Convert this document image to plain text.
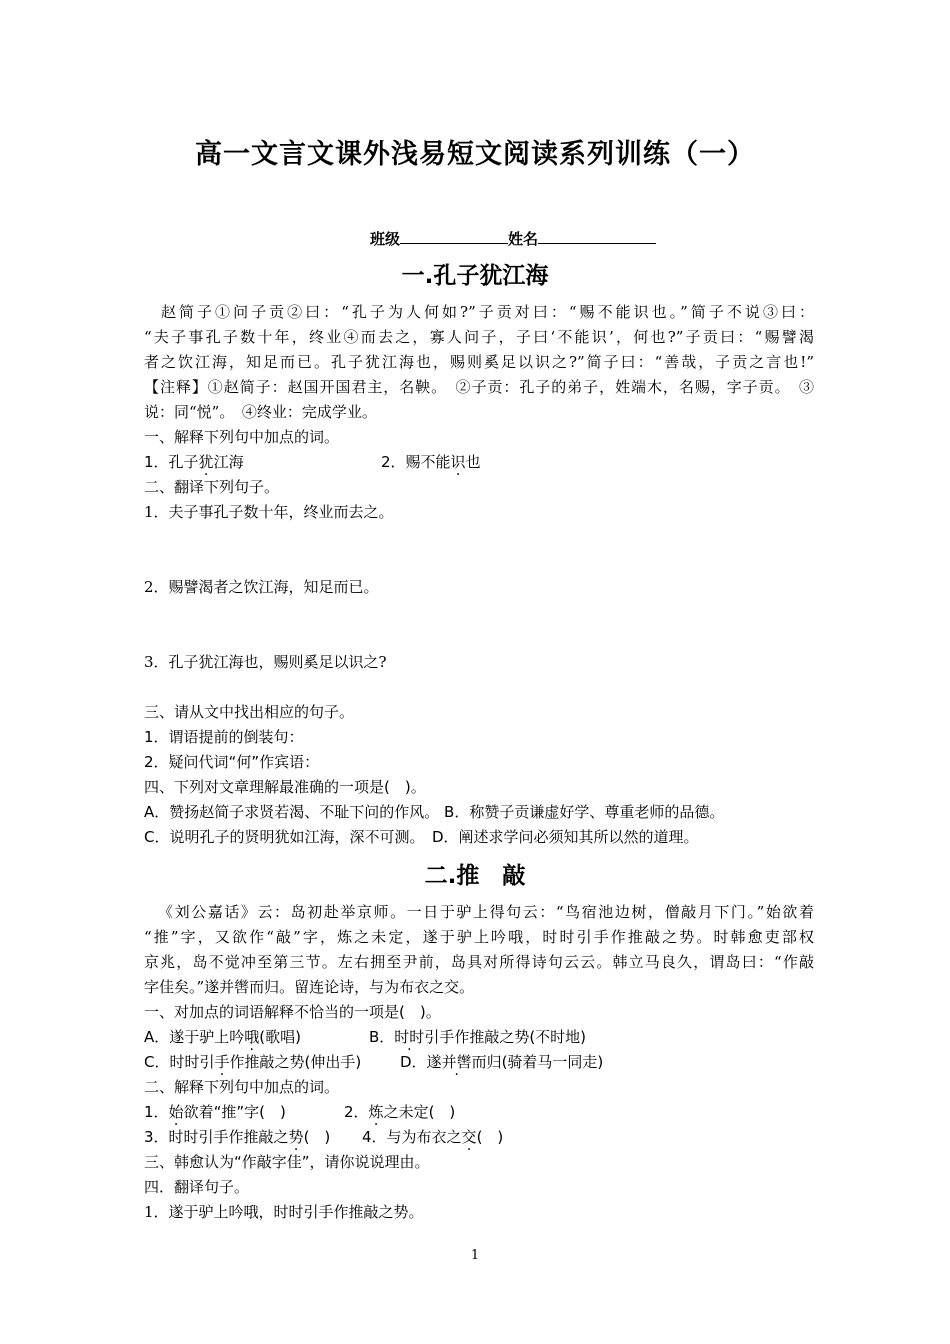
高一文言文课外浅易短文阅读系列训练（一）
班级	姓名
一.孔子犹江海
赵简子①问子贡②曰：“孔子为人何如?”子贡对曰：“赐不能识也。”简子不说③曰：
“夫子事孔子数十年，终业④而去之，寡人问子，子曰‘不能识’，何也?”子贡曰：“赐譬渴
者之饮江海，知足而已。孔子犹江海也，赐则奚足以识之?”简子曰：“善哉，子贡之言也!”
【注释】①赵简子：赵国开国君主，名鞅。　②子贡：孔子的弟子，姓端木，名赐，字子贡。　③
说：同“悦”。　④终业：完成学业。
一、解释下列句中加点的词。
1．孔子犹江海	2．赐不能识也
二、翻译下列句子。
1．夫子事孔子数十年，终业而去之。
2．赐譬渴者之饮江海，知足而已。
3．孔子犹江海也，赐则奚足以识之?
三、请从文中找出相应的句子。
1．谓语提前的倒装句：
2．疑问代词“何”作宾语：
四、下列对文章理解最准确的一项是(　)。
A．赞扬赵简子求贤若渴、不耻下问的作风。 B．称赞子贡谦虚好学、尊重老师的品德。
C．说明孔子的贤明犹如江海，深不可测。　D．阐述求学问必须知其所以然的道理。
二.推　敲
《刘公嘉话》云：岛初赴举京师。一日于驴上得句云：“鸟宿池边树，僧敲月下门。”始欲着
“推”字，又欲作“敲”字，炼之未定，遂于驴上吟哦，时时引手作推敲之势。时韩愈吏部权
京兆，岛不觉冲至第三节。左右拥至尹前，岛具对所得诗句云云。韩立马良久，谓岛曰：“作敲
字佳矣。”遂并辔而归。留连论诗，与为布衣之交。
一、对加点的词语解释不恰当的一项是(　)。
A．遂于驴上吟哦(歌唱)	B．时时引手作推敲之势(不时地)
C．时时引手作推敲之势(伸出手)	D．遂并辔而归(骑着马一同走)
二、解释下列句中加点的词。
1．始欲着“推”字(　)	2．炼之未定(　)
3．时时引手作推敲之势(　) 4．与为布衣之交(　)
三、韩愈认为“作敲字佳”，请你说说理由。
四．翻译句子。
1．遂于驴上吟哦，时时引手作推敲之势。
1
